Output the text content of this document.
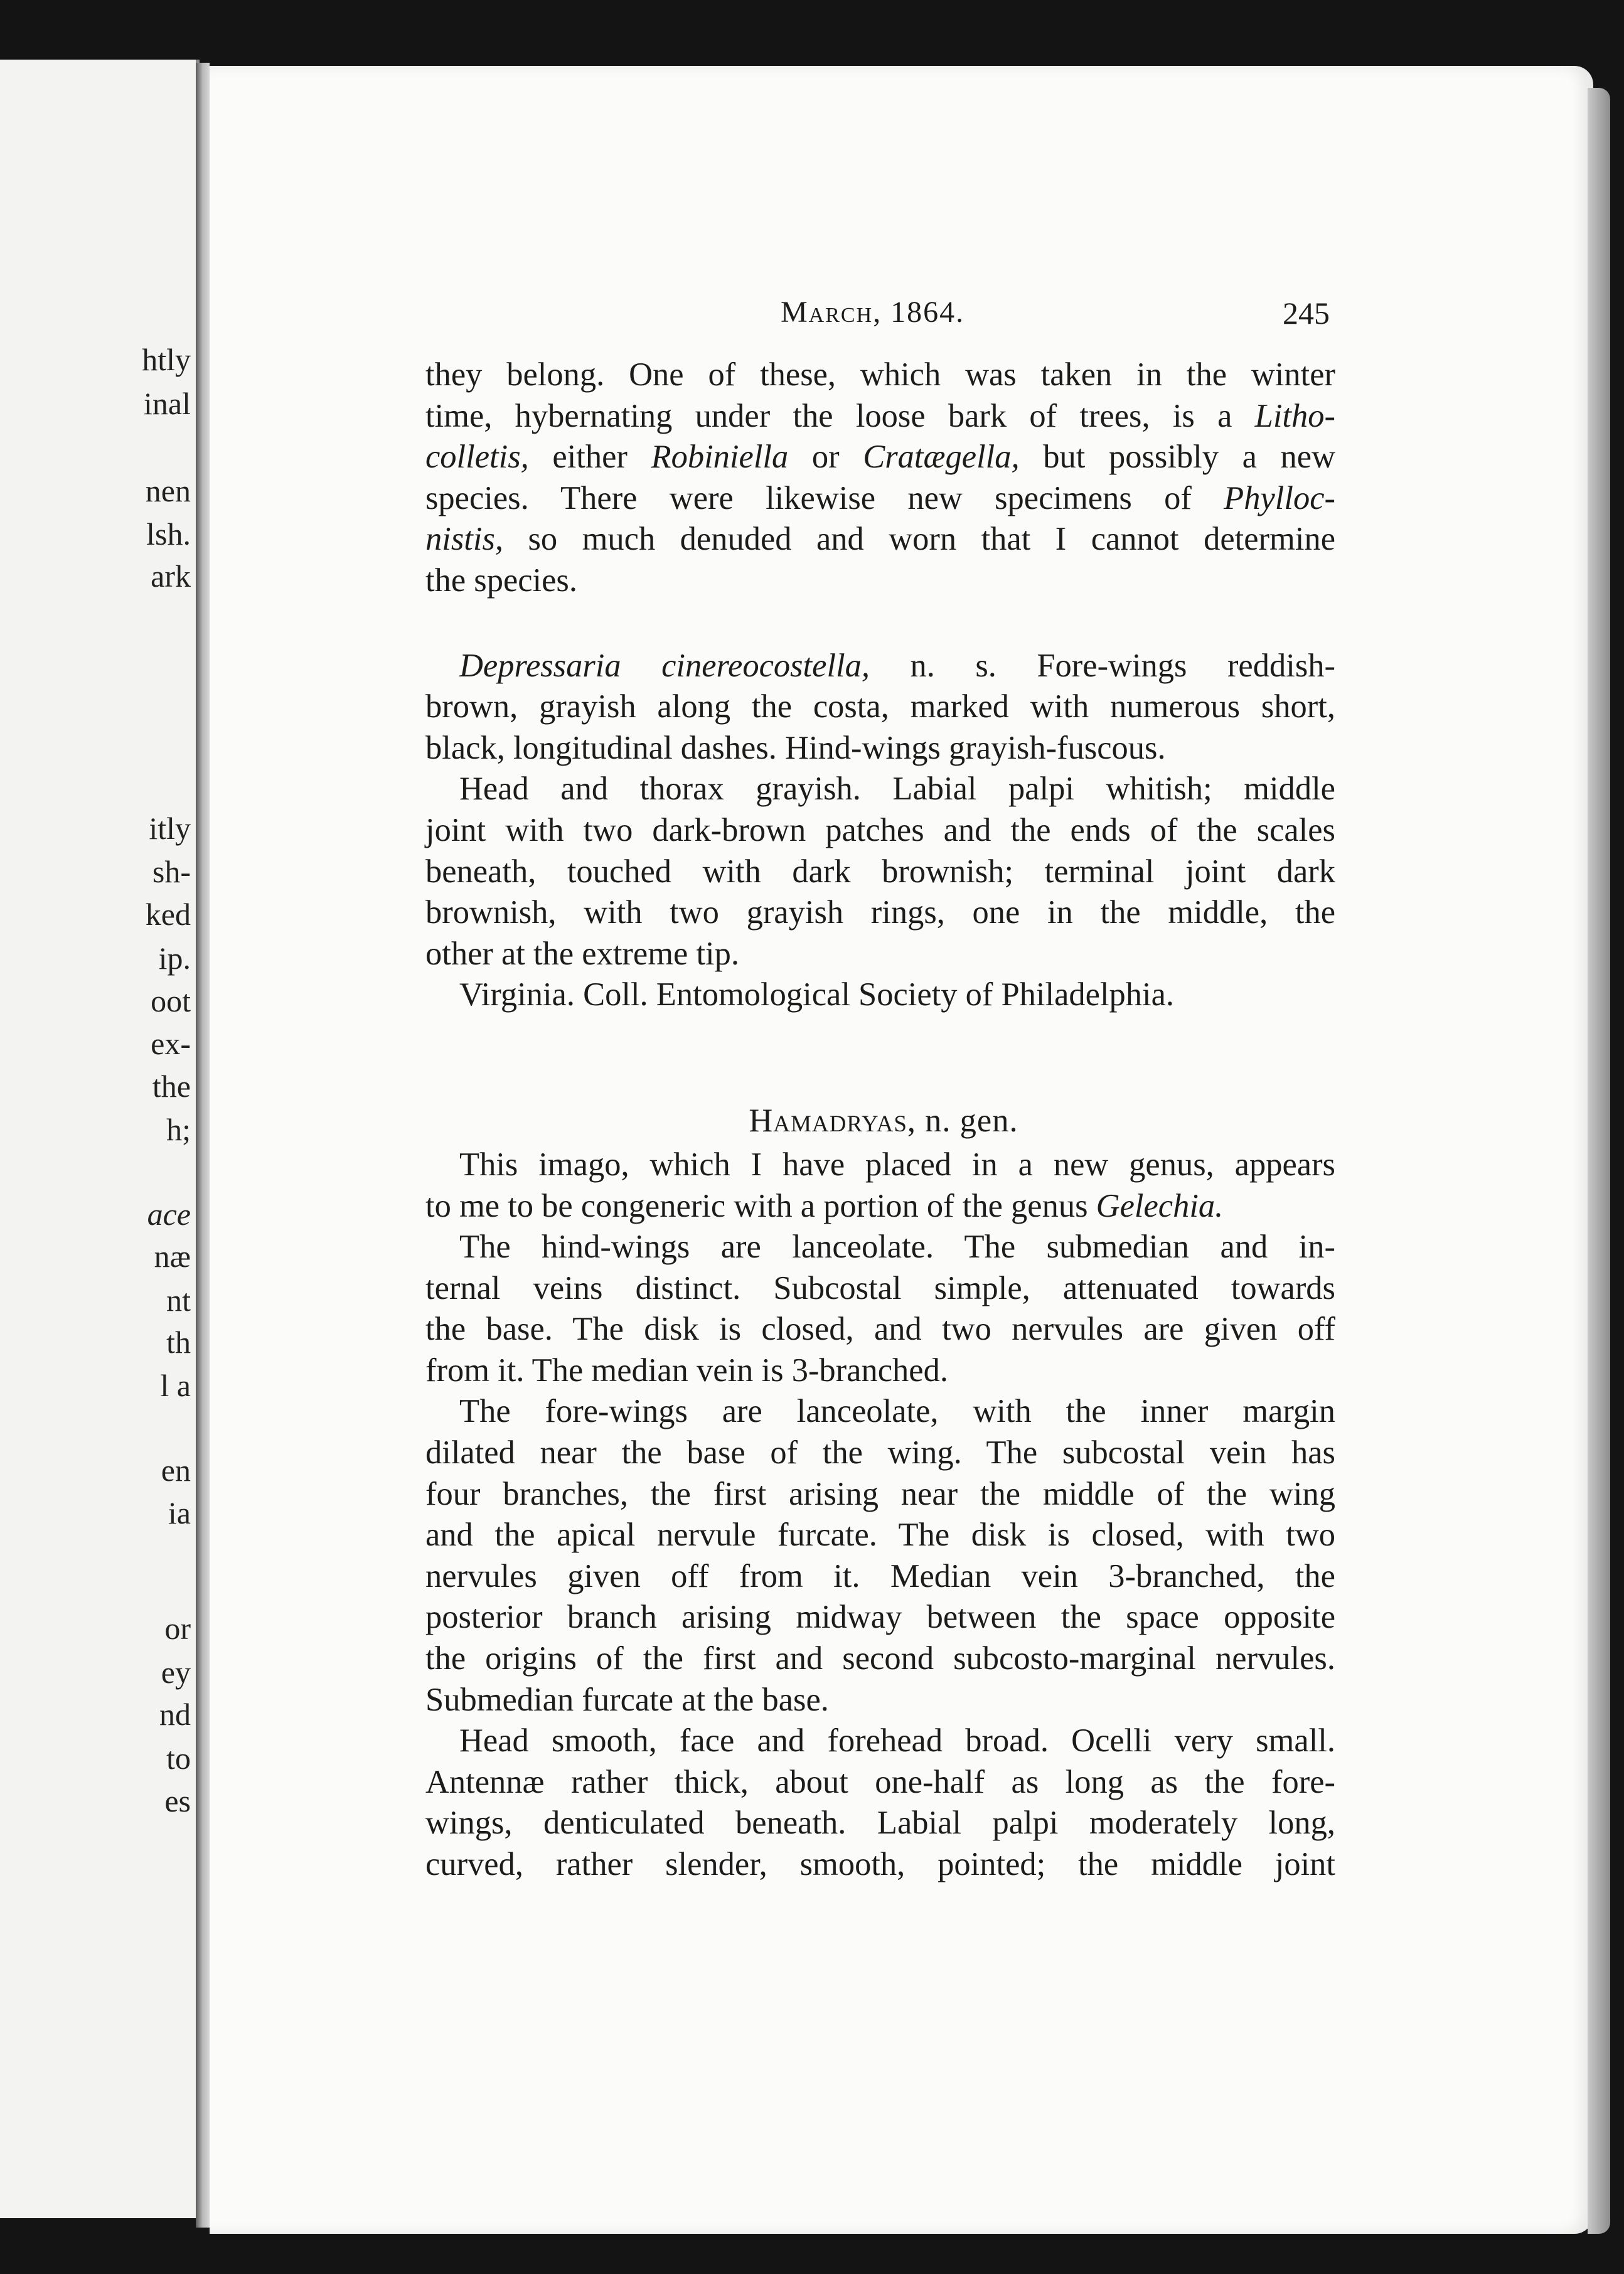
htly
inal
nen
lsh.
ark
itly
sh-
ked
ip.
oot
ex-
the
h;
ace
næ
nt
th
l a
en
ia
or
ey
nd
to
es
March, 1864.	245
they belong. One of these, which was taken in the winter
time, hybernating under the loose bark of trees, is a Litho-
colletis, either Robiniella or Cratægella, but possibly a new
species. There were likewise new specimens of Phylloc-
nistis, so much denuded and worn that I cannot determine
the species.
Depressaria cinereocostella, n. s. Fore-wings reddish-
brown, grayish along the costa, marked with numerous short,
black, longitudinal dashes. Hind-wings grayish-fuscous.
Head and thorax grayish. Labial palpi whitish; middle
joint with two dark-brown patches and the ends of the scales
beneath, touched with dark brownish; terminal joint dark
brownish, with two grayish rings, one in the middle, the
other at the extreme tip.
Virginia. Coll. Entomological Society of Philadelphia.
Hamadryas, n. gen.
This imago, which I have placed in a new genus, appears
to me to be congeneric with a portion of the genus Gelechia.
The hind-wings are lanceolate. The submedian and in-
ternal veins distinct. Subcostal simple, attenuated towards
the base. The disk is closed, and two nervules are given off
from it. The median vein is 3-branched.
The fore-wings are lanceolate, with the inner margin
dilated near the base of the wing. The subcostal vein has
four branches, the first arising near the middle of the wing
and the apical nervule furcate. The disk is closed, with two
nervules given off from it. Median vein 3-branched, the
posterior branch arising midway between the space opposite
the origins of the first and second subcosto-marginal nervules.
Submedian furcate at the base.
Head smooth, face and forehead broad. Ocelli very small.
Antennæ rather thick, about one-half as long as the fore-
wings, denticulated beneath. Labial palpi moderately long,
curved, rather slender, smooth, pointed; the middle joint
